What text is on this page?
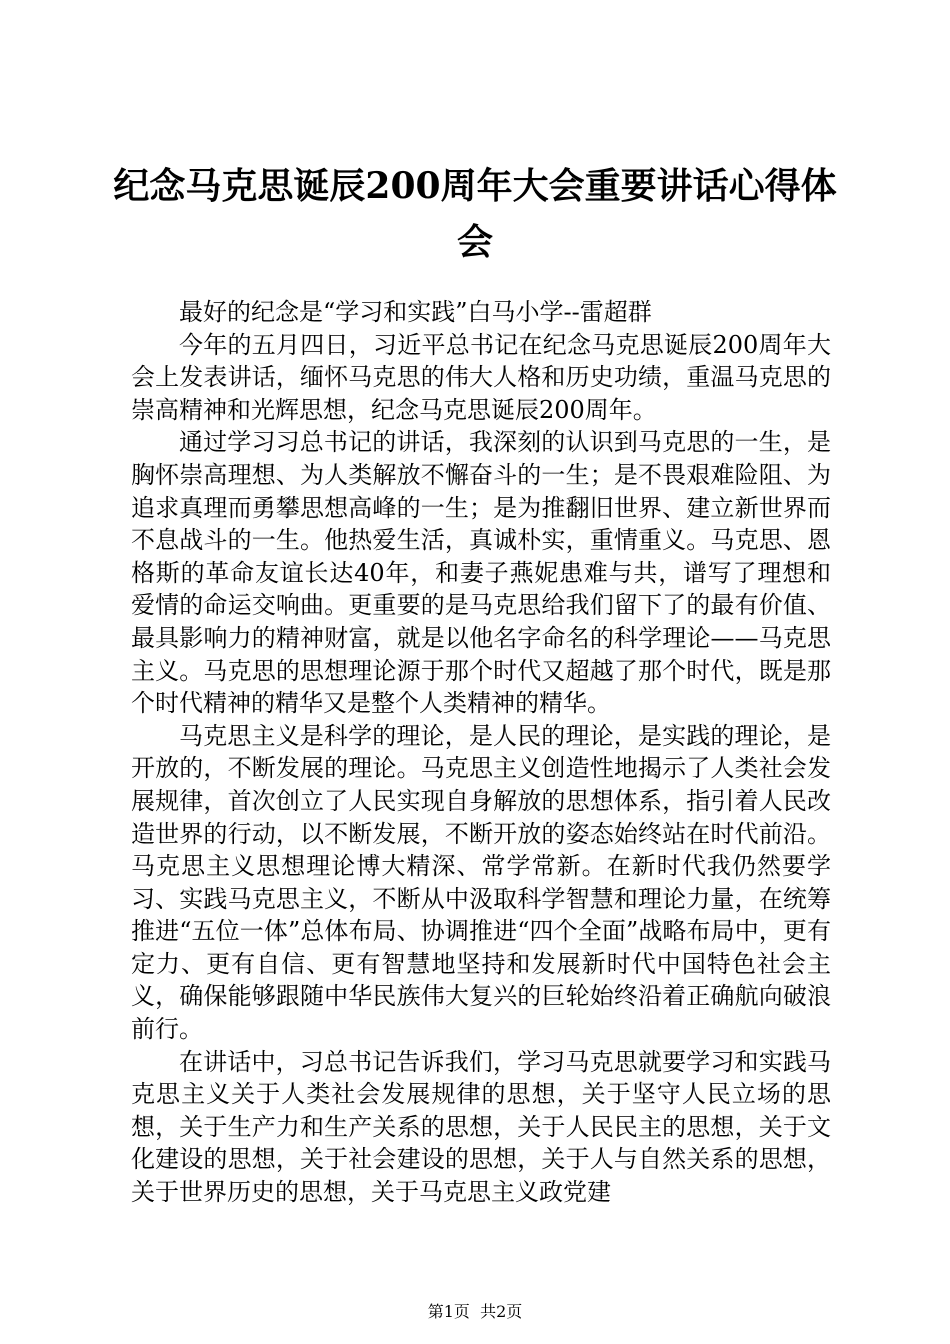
纪念马克思诞辰200周年大会重要讲话心得体会

最好的纪念是“学习和实践”白马小学--雷超群

今年的五月四日，习近平总书记在纪念马克思诞辰200周年大会上发表讲话，缅怀马克思的伟大人格和历史功绩，重温马克思的崇高精神和光辉思想，纪念马克思诞辰200周年。

通过学习习总书记的讲话，我深刻的认识到马克思的一生，是胸怀崇高理想、为人类解放不懈奋斗的一生；是不畏艰难险阻、为追求真理而勇攀思想高峰的一生；是为推翻旧世界、建立新世界而不息战斗的一生。他热爱生活，真诚朴实，重情重义。马克思、恩格斯的革命友谊长达40年，和妻子燕妮患难与共，谱写了理想和爱情的命运交响曲。更重要的是马克思给我们留下了的最有价值、最具影响力的精神财富，就是以他名字命名的科学理论——马克思主义。马克思的思想理论源于那个时代又超越了那个时代，既是那个时代精神的精华又是整个人类精神的精华。

马克思主义是科学的理论，是人民的理论，是实践的理论，是开放的，不断发展的理论。马克思主义创造性地揭示了人类社会发展规律，首次创立了人民实现自身解放的思想体系，指引着人民改造世界的行动，以不断发展，不断开放的姿态始终站在时代前沿。马克思主义思想理论博大精深、常学常新。在新时代我仍然要学习、实践马克思主义，不断从中汲取科学智慧和理论力量，在统筹推进“五位一体”总体布局、协调推进“四个全面”战略布局中，更有定力、更有自信、更有智慧地坚持和发展新时代中国特色社会主义，确保能够跟随中华民族伟大复兴的巨轮始终沿着正确航向破浪前行。

在讲话中，习总书记告诉我们，学习马克思就要学习和实践马克思主义关于人类社会发展规律的思想，关于坚守人民立场的思想，关于生产力和生产关系的思想，关于人民民主的思想，关于文化建设的思想，关于社会建设的思想，关于人与自然关系的思想，关于世界历史的思想，关于马克思主义政党建

第1页 共2页
